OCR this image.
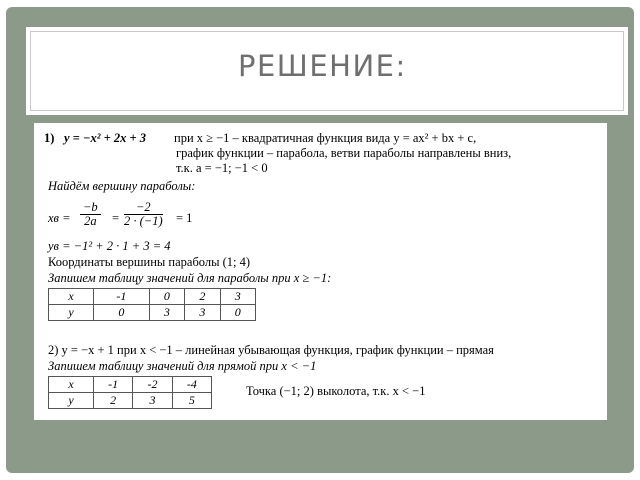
РЕШЕНИЕ:
1) y = −x² + 2x + 3 при x ≥ −1 – квадратичная функция вида y = ax² + bx + c,
график функции – парабола, ветви параболы направлены вниз,
т.к. a = −1; −1 < 0
Найдём вершину параболы:
xв = $\frac{-b}{2a} = \frac{-2}{2 \cdot (-1)} = 1$
yв = −1² + 2 · 1 + 3 = 4
Координаты вершины параболы (1; 4)
Запишем таблицу значений для параболы при x ≥ −1:
x	-1	0	2	3
y	0	3	3	0
2) y = −x + 1 при x < −1 – линейная убывающая функция, график функции – прямая
Запишем таблицу значений для прямой при x < −1
x	-1	-2	-4
y	2	3	5
Точка (−1; 2) выколота, т.к. x < −1
